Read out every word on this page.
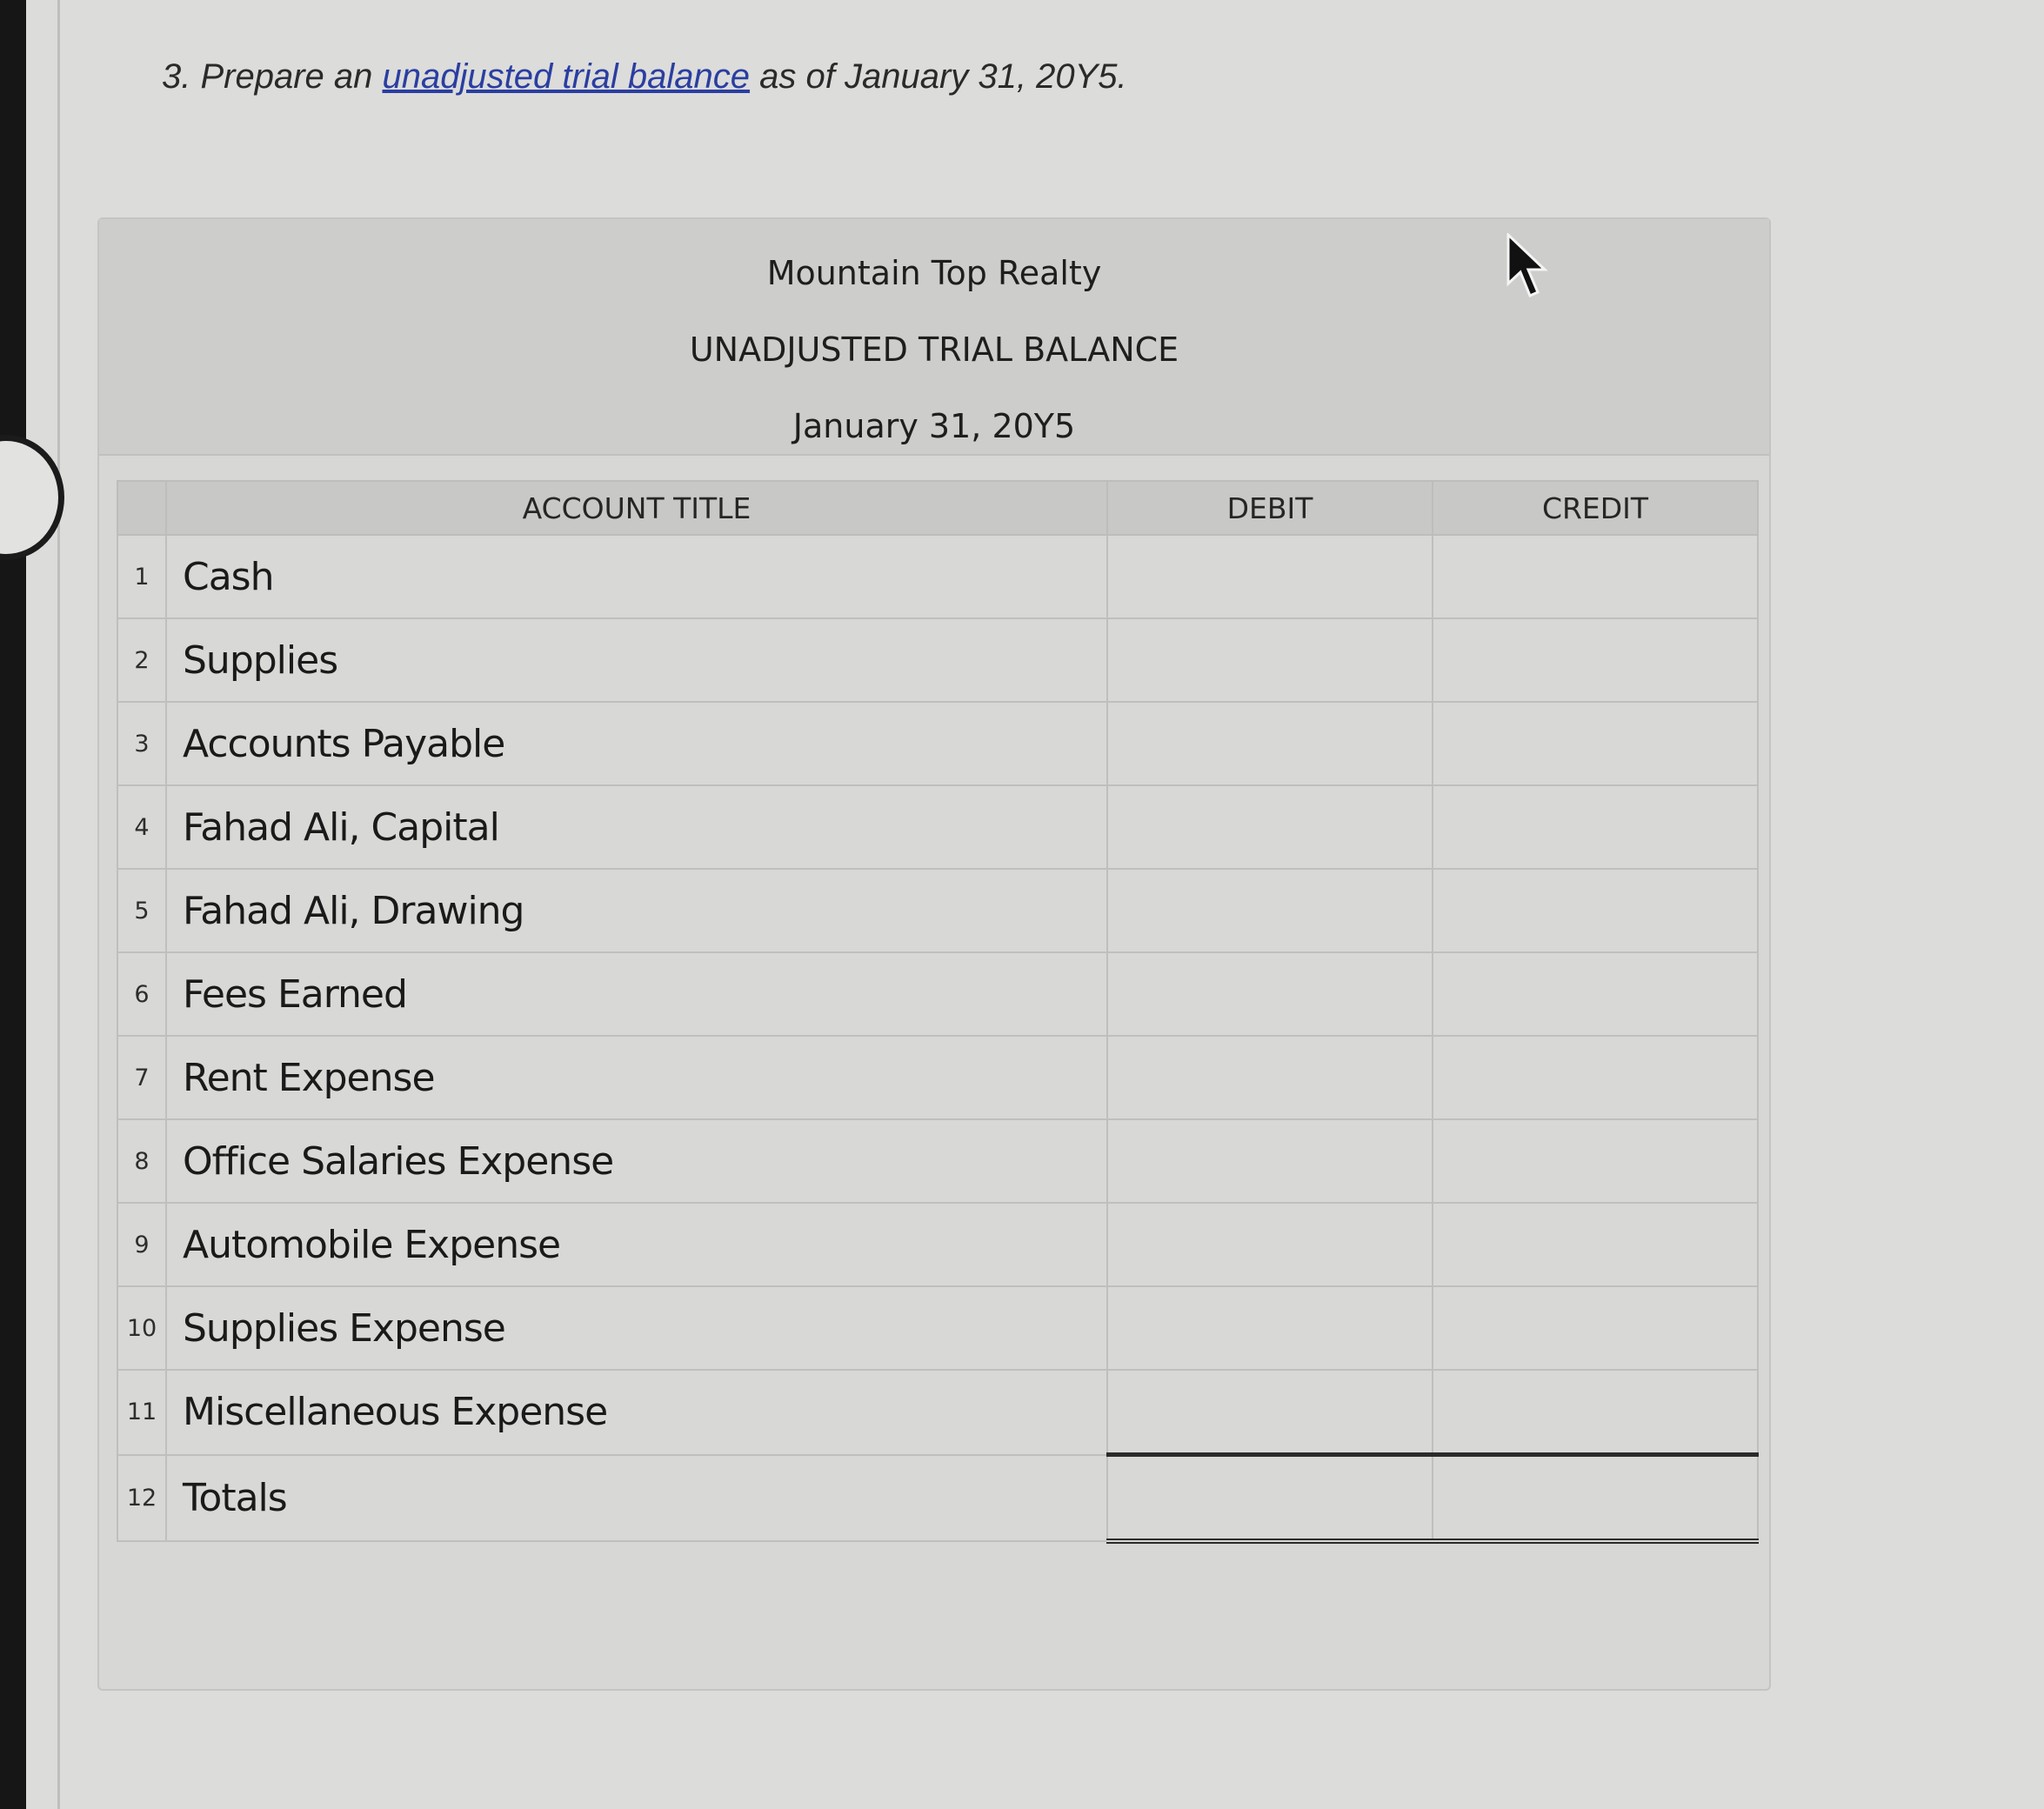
3. Prepare an unadjusted trial balance as of January 31, 20Y5.
Mountain Top Realty
UNADJUSTED TRIAL BALANCE
January 31, 20Y5
	ACCOUNT TITLE	DEBIT	CREDIT
1	Cash

2	Supplies

3	Accounts Payable

4	Fahad Ali, Capital

5	Fahad Ali, Drawing

6	Fees Earned

7	Rent Expense

8	Office Salaries Expense

9	Automobile Expense

10	Supplies Expense

11	Miscellaneous Expense

12	Totals
